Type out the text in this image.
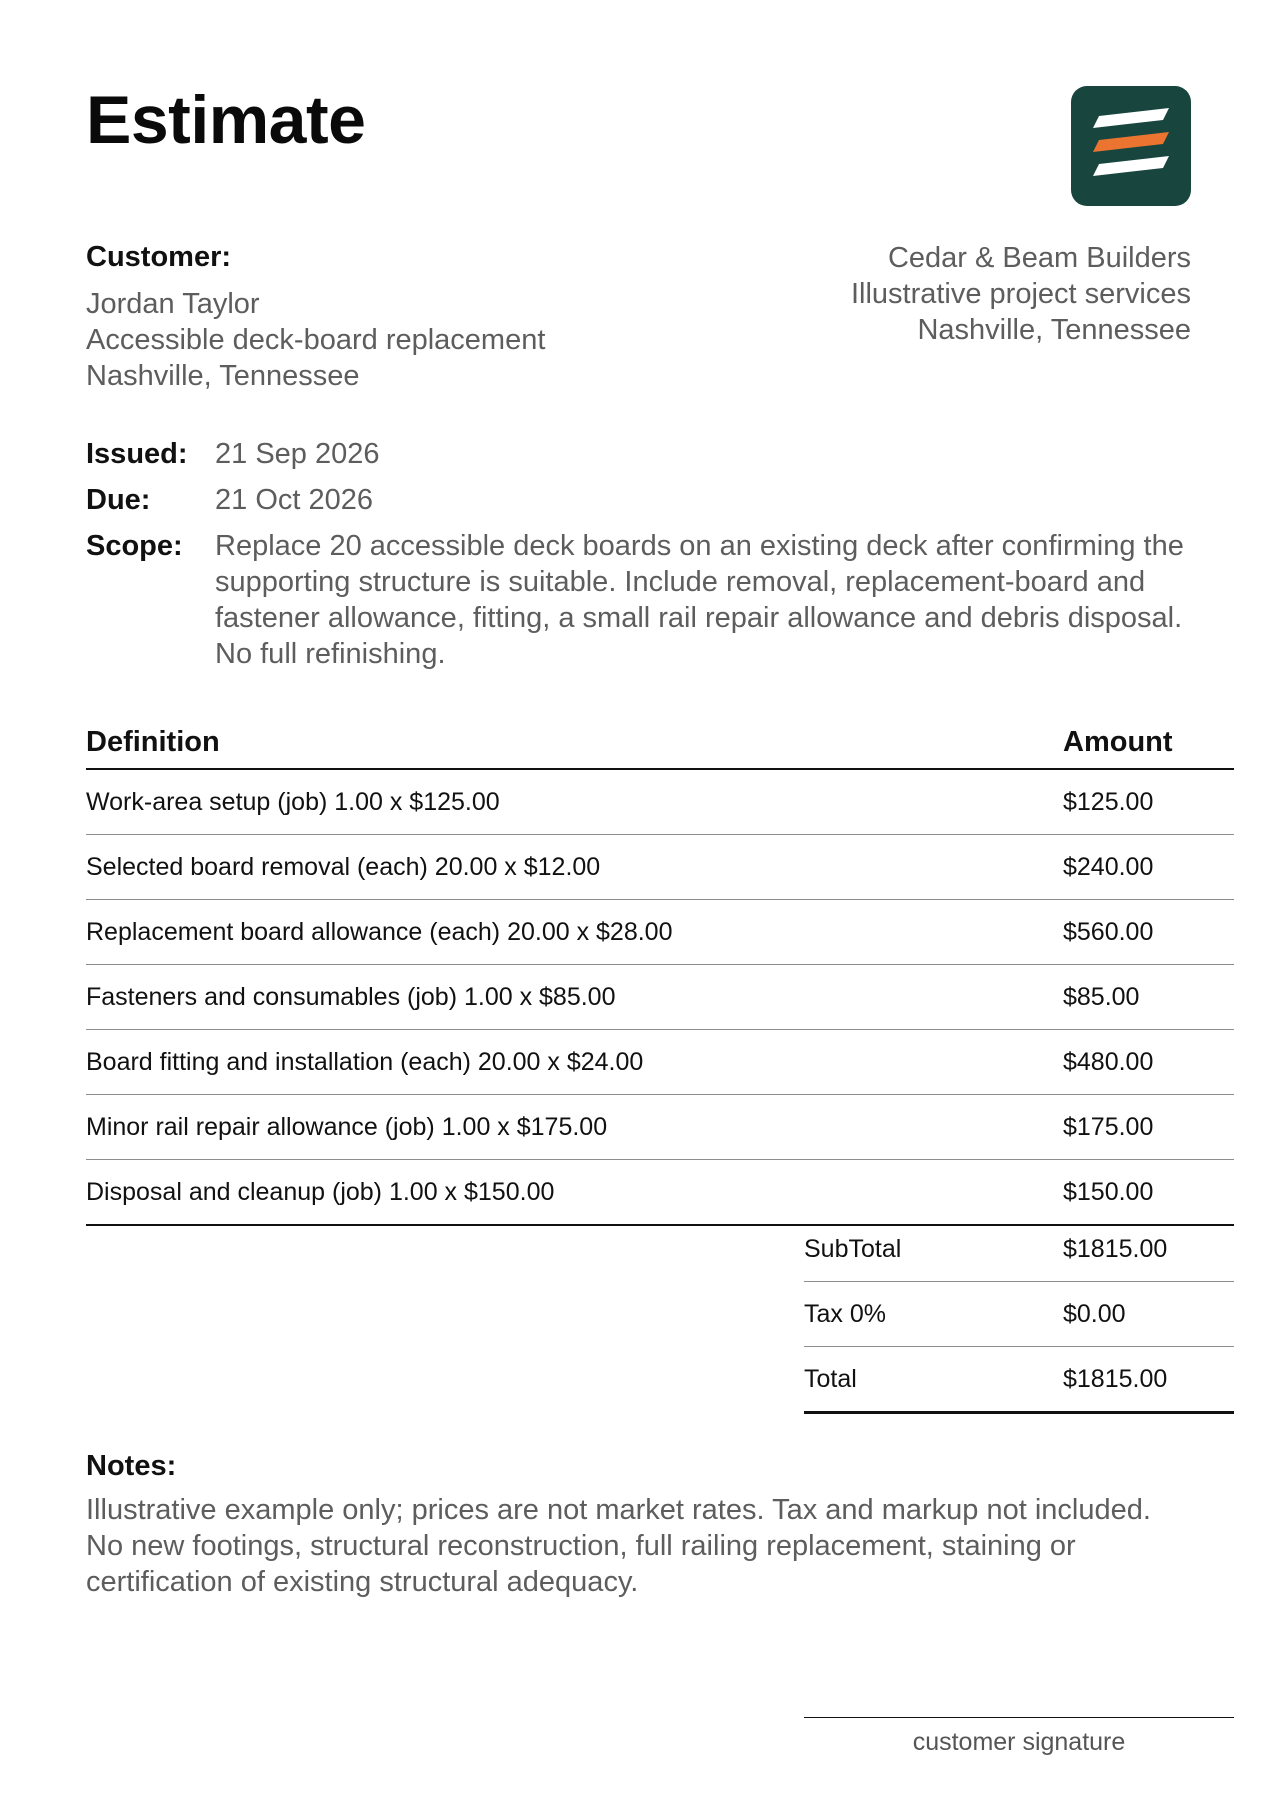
Estimate
Customer:
Jordan Taylor
Accessible deck-board replacement
Nashville, Tennessee
Cedar & Beam Builders
Illustrative project services
Nashville, Tennessee
Issued: 21 Sep 2026
Due:	21 Oct 2026
Scope:	Replace 20 accessible deck boards on an existing deck after confirming the supporting structure is suitable. Include removal, replacement-board and fastener allowance, fitting, a small rail repair allowance and debris disposal. No full refinishing.
Definition	Amount
Work-area setup (job) 1.00 x $125.00	$125.00
Selected board removal (each) 20.00 x $12.00	$240.00
Replacement board allowance (each) 20.00 x $28.00	$560.00
Fasteners and consumables (job) 1.00 x $85.00	$85.00
Board fitting and installation (each) 20.00 x $24.00	$480.00
Minor rail repair allowance (job) 1.00 x $175.00	$175.00
Disposal and cleanup (job) 1.00 x $150.00	$150.00
SubTotal	$1815.00
Tax 0%	$0.00
Total	$1815.00
Notes:
Illustrative example only; prices are not market rates. Tax and markup not included. No new footings, structural reconstruction, full railing replacement, staining or certification of existing structural adequacy.
customer signature
